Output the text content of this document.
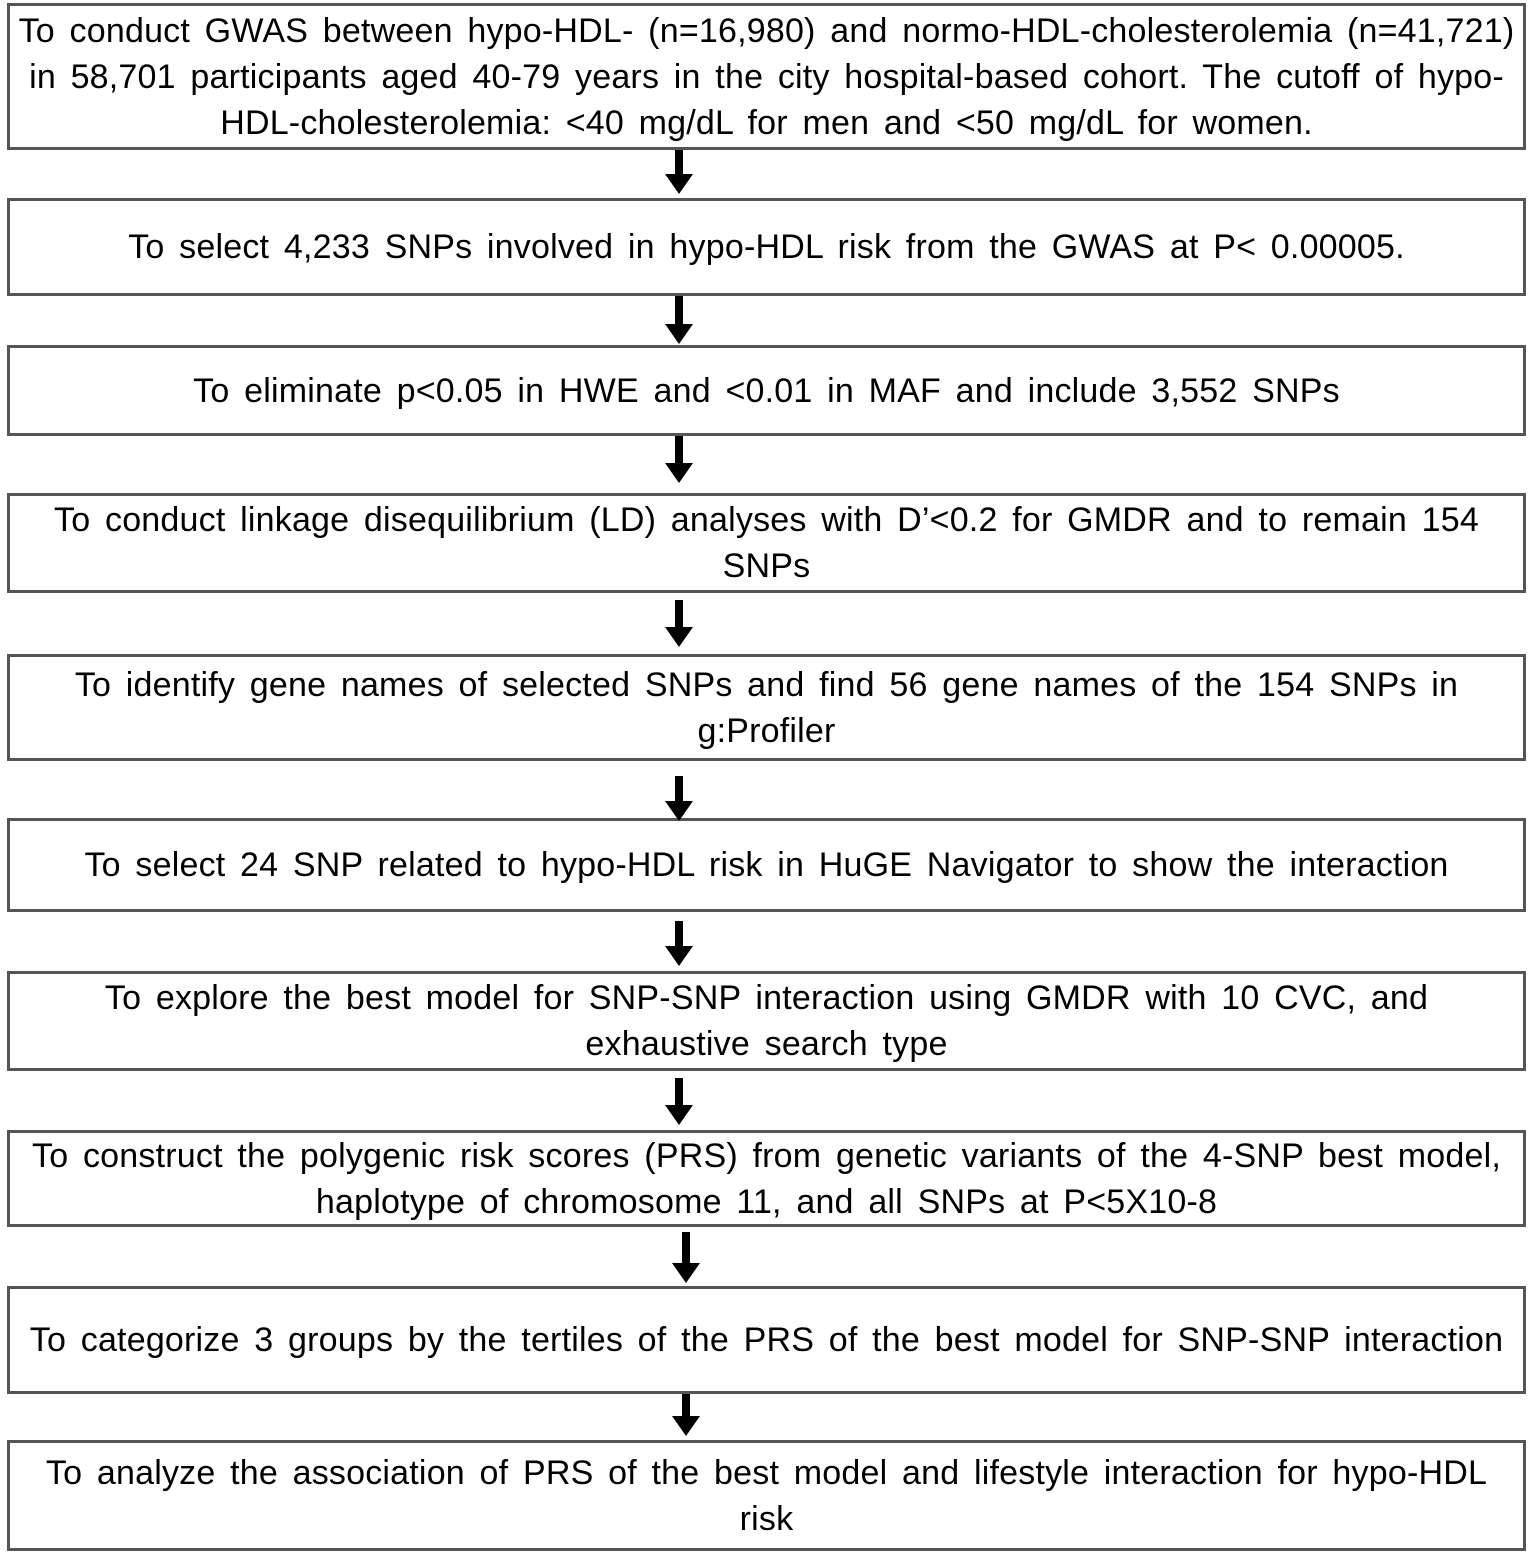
To conduct GWAS between hypo-HDL- (n=16,980) and normo-HDL-cholesterolemia (n=41,721) in 58,701 participants aged 40-79 years in the city hospital-based cohort. The cutoff of hypo-HDL-cholesterolemia: <40 mg/dL for men and <50 mg/dL for women.
To select 4,233 SNPs involved in hypo-HDL risk from the GWAS at P< 0.00005.
To eliminate p<0.05 in HWE and <0.01 in MAF and include 3,552 SNPs
To conduct linkage disequilibrium (LD) analyses with D’<0.2 for GMDR and to remain 154 SNPs
To identify gene names of selected SNPs and find 56 gene names of the 154 SNPs in g:Profiler
To select 24 SNP related to hypo-HDL risk in HuGE Navigator to show the interaction
To explore the best model for SNP-SNP interaction using GMDR with 10 CVC, and exhaustive search type
To construct the polygenic risk scores (PRS) from genetic variants of the 4-SNP best model, haplotype of chromosome 11, and all SNPs at P<5X10-8
To categorize 3 groups by the tertiles of the PRS of the best model for SNP-SNP interaction
To analyze the association of PRS of the best model and lifestyle interaction for hypo-HDL risk
